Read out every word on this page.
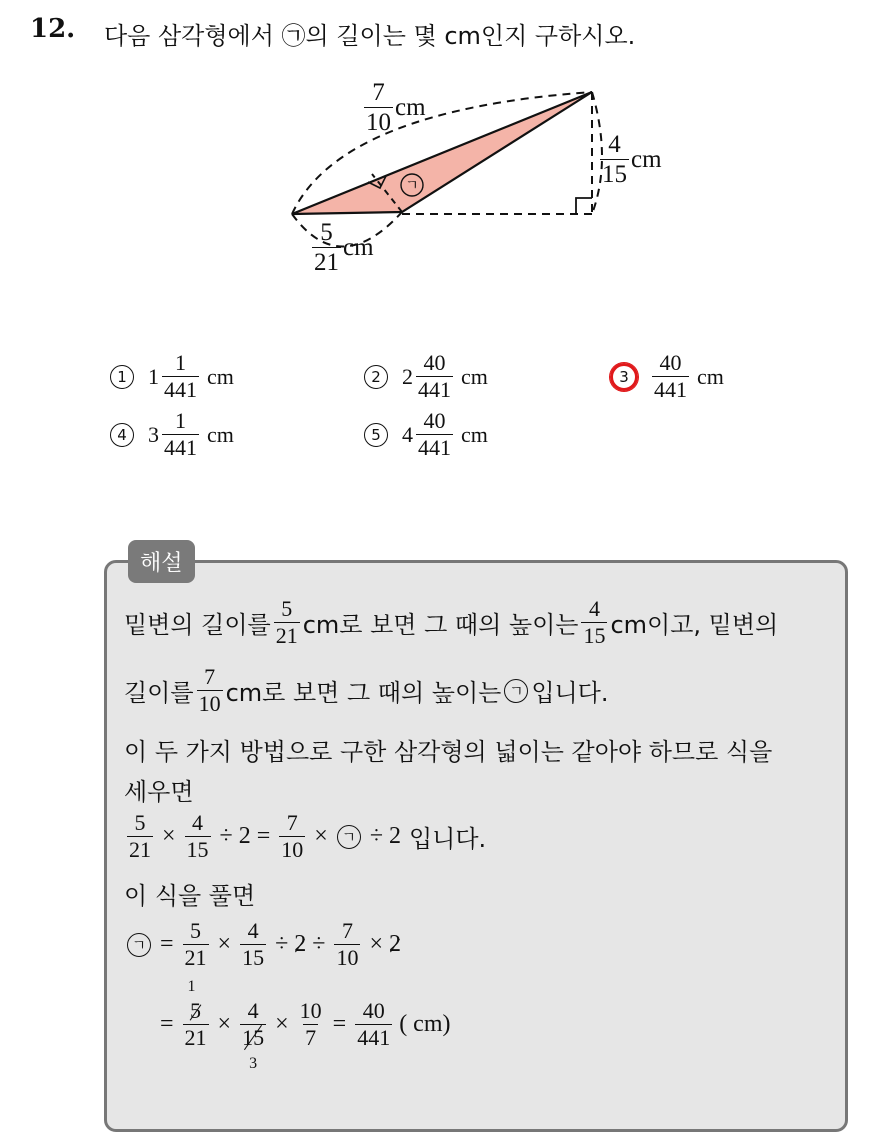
12. 다음 삼각형에서 ㉠의 길이는 몇 cm인지 구하시오.
ㄱ
$\frac{7}{10}$ cm
$\frac{4}{15}$ cm
$\frac{5}{21}$ cm
1 $1 \frac{1}{441}$ cm	2 $2 \frac{40}{441}$ cm	3	$\frac{40}{441}$ cm
4 $3 \frac{1}{441}$ cm	5 $4 \frac{40}{441}$ cm
해설
밑변의 길이를 $\frac{5}{21}$ cm로 보면 그 때의 높이는 $\frac{4}{15}$ cm이고, 밑변의
길이를 $\frac{7}{10}$ cm로 보면 그 때의 높이는 ㄱ 입니다.
이 두 가지 방법으로 구한 삼각형의 넓이는 같아야 하므로 식을
세우면
$\frac{5}{21} \times \frac{4}{15} \div 2 = \frac{7}{10}$ × ㄱ ÷ 2 입니다.
이 식을 풀면
ㄱ = $\frac{5}{21} \times \frac{4}{15} \div 2 \div \frac{7}{10} \times 2$
=
1
$\frac{5}{21} \times \frac{4}{15}$
3
× $\frac{10}{7} = \frac{40}{441}$ ( cm)
